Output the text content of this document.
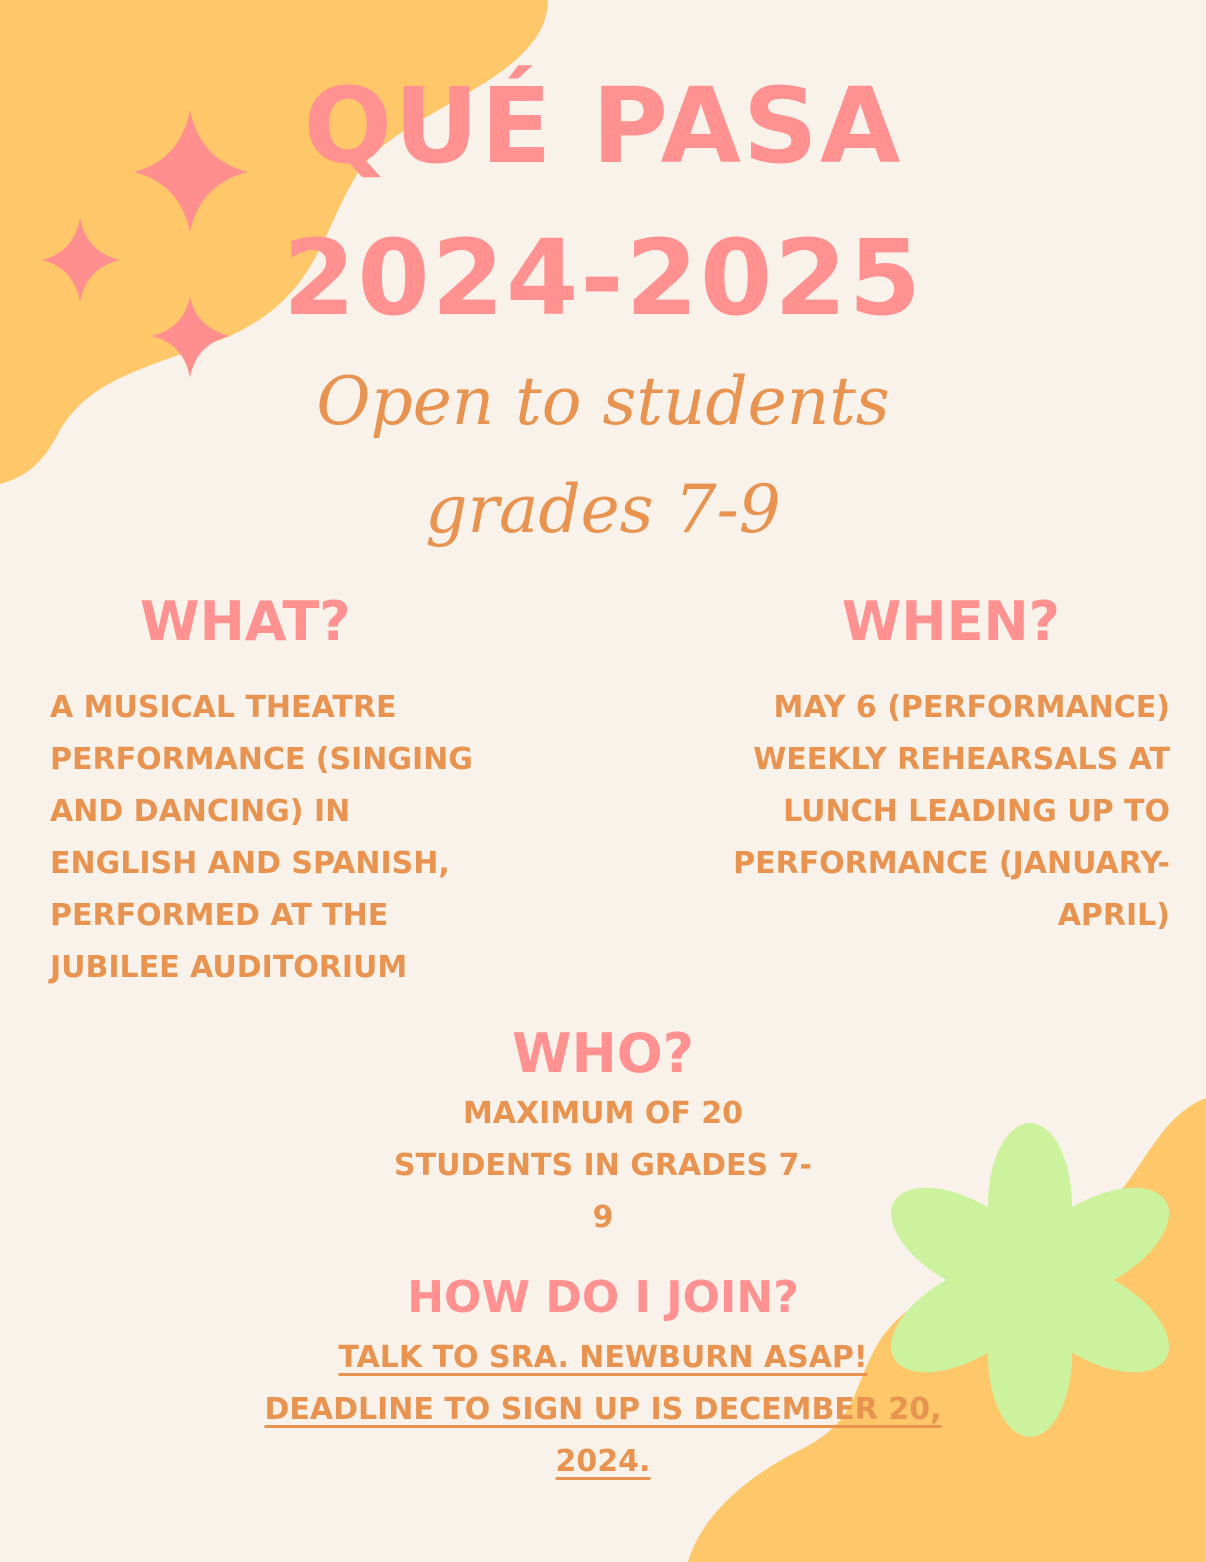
QUÉ PASA
2024-2025

Open to students

grades 7-9

WHAT?

A MUSICAL THEATRE PERFORMANCE (SINGING AND DANCING) IN ENGLISH AND SPANISH, PERFORMED AT THE JUBILEE AUDITORIUM

WHEN?

MAY 6 (PERFORMANCE) WEEKLY REHEARSALS AT LUNCH LEADING UP TO PERFORMANCE (JANUARY-APRIL)

WHO?

MAXIMUM OF 20 STUDENTS IN GRADES 7-9

HOW DO I JOIN?

TALK TO SRA. NEWBURN ASAP! DEADLINE TO SIGN UP IS DECEMBER 20, 2024.
